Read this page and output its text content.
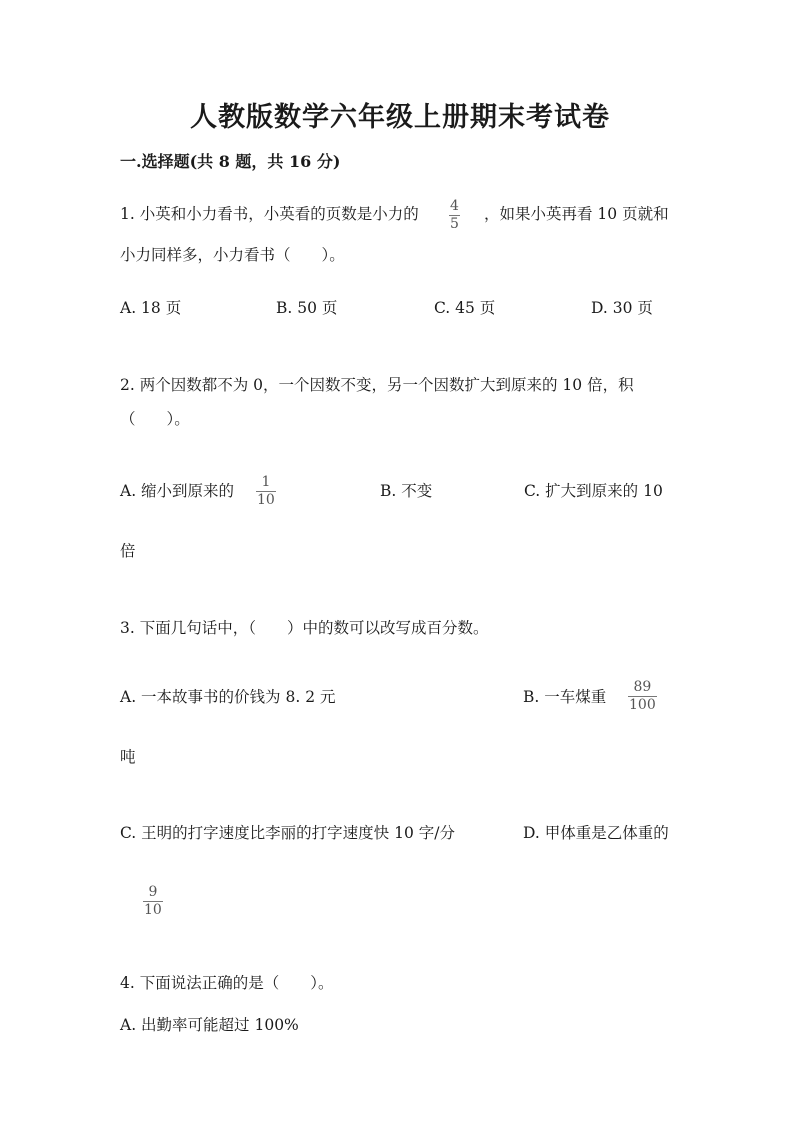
人教版数学六年级上册期末考试卷
一.选择题(共 8 题，共 16 分)
1. 小英和小力看书，小英看的页数是小力的 4
5
，如果小英再看 10 页就和
小力同样多，小力看书（　　）。
A. 18 页	B. 50 页	C. 45 页	D. 30 页
2. 两个因数都不为 0，一个因数不变，另一个因数扩大到原来的 10 倍，积
（　　）。
A. 缩小到原来的 1
10	B. 不变	C. 扩大到原来的 10
倍
3. 下面几句话中，（　　）中的数可以改写成百分数。
A. 一本故事书的价钱为 8. 2 元	B. 一车煤重
89
100
吨
C. 王明的打字速度比李丽的打字速度快 10 字/分	D. 甲体重是乙体重的
9
10
4. 下面说法正确的是（　　）。
A. 出勤率可能超过 100%
